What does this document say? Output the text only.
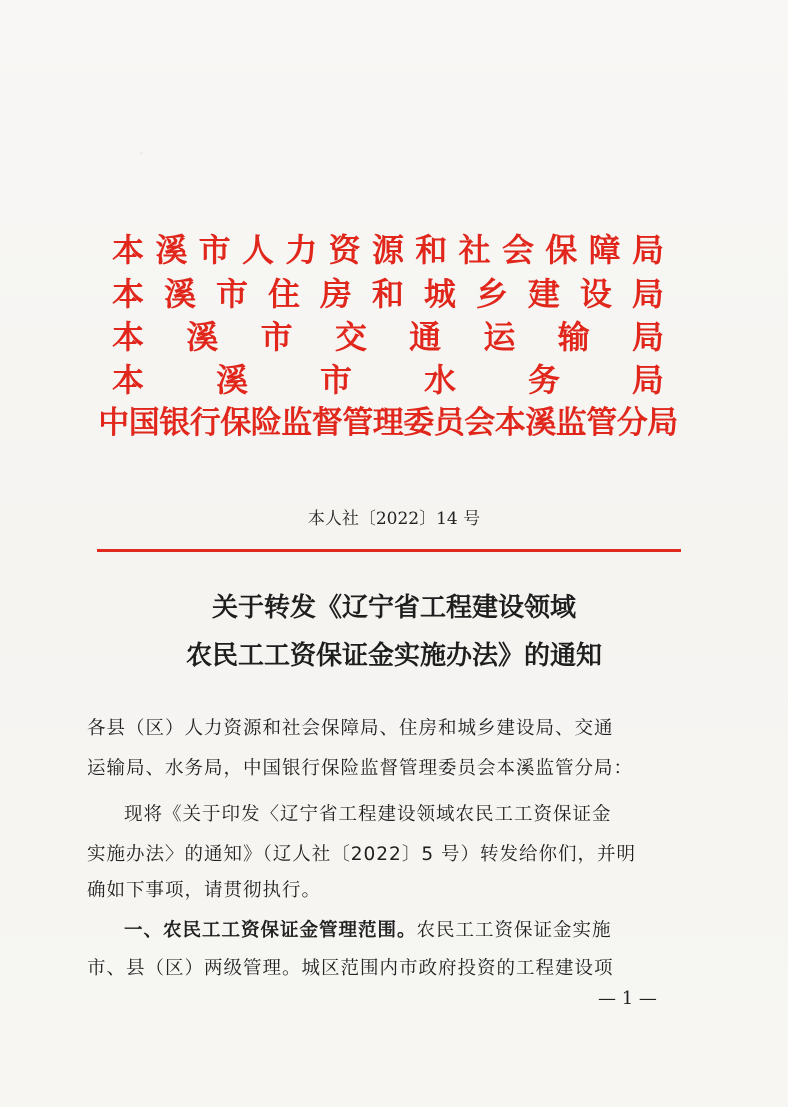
本 溪 市 人 力 资 源 和 社 会 保 障 局
本 溪 市 住 房 和 城 乡 建 设 局
本 溪 市 交 通 运 输 局
本 溪 市 水 务 局
中国银行保险监督管理委员会本溪监管分局
本人社〔2022〕14 号
关于转发《辽宁省工程建设领域
农民工工资保证金实施办法》的通知
各县（区）人力资源和社会保障局、住房和城乡建设局、交通
运输局、水务局，中国银行保险监督管理委员会本溪监管分局：
现将《关于印发〈辽宁省工程建设领域农民工工资保证金
实施办法〉的通知》（辽人社〔2022〕5 号）转发给你们，并明
确如下事项，请贯彻执行。
一、农民工工资保证金管理范围。农民工工资保证金实施
市、县（区）两级管理。城区范围内市政府投资的工程建设项
— 1 —
